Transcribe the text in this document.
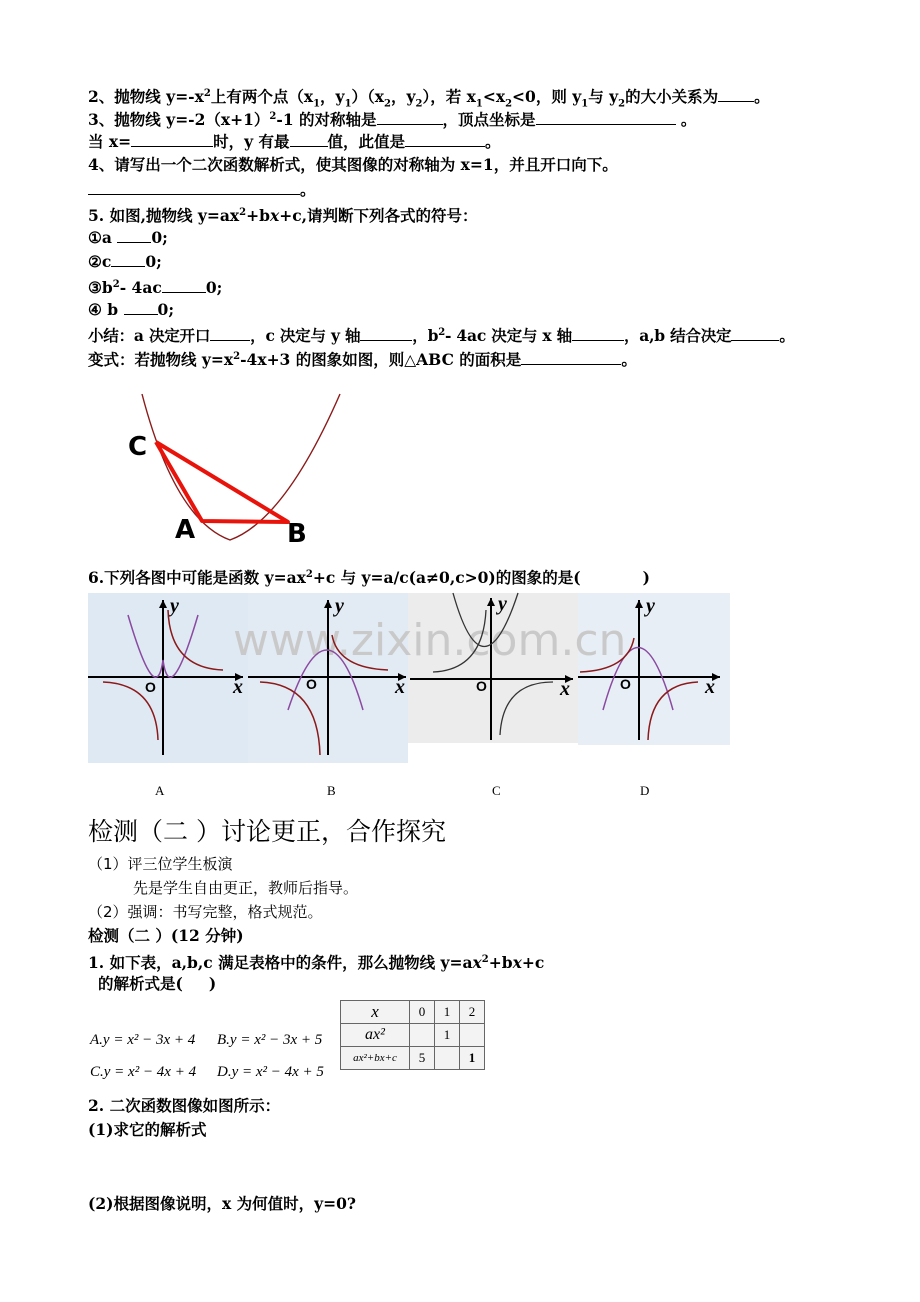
2、抛物线 $y=-x^2$上有两个点（$x_1$，$y_1)(x_2$，$y_2$），若 $x_1<x_2<0$，则 $y_1$与 $y_2$的大小关系为 。
3、抛物线 $y=-2(x+1)^2-1$ 的对称轴是	，顶点坐标是	。
当 x=	时，y 有最 值，此值是	。
4、请写出一个二次函数解析式，使其图像的对称轴为 x=1，并且开口向下。
。
5. 如图,抛物线 $y=ax^2+bx+c$,请判断下列各式的符号：
①a	0;
②c 0;
$③b^2-$ 4ac	0;
④ b	0;
小结：a 决定开口	，c 决定与 y 轴	，$b^2-$ 4ac 决定与 x 轴	，a,b 结合决定	。
变式：若抛物线 $y=x^2-4x+3$ 的图象如图，则△ABC 的面积是	。
C
A	B
6.下列各图中可能是函数 $y=ax^2+c$ 与 y=a/c(a≠0,c>0)的图象的是(	)
www.zixin.com.cn
y
x
O
y
x
O
y
x
O
y
x
O
A	B	C	D
检测（二 ）讨论更正，合作探究
（1）评三位学生板演
先是学生自由更正，教师后指导。
（2）强调：书写完整，格式规范。
检测（二 ）(12 分钟)
1. 如下表，a,b,c 满足表格中的条件，那么抛物线 $y=ax^2+bx+c$
的解析式是( )
A.y = x² − 3x + 4 B.y = x² − 3x + 5
C.y = x² − 4x + 4 D.y = x² − 4x + 5
x	0	1	2
ax²		1	
ax²+bx+c	5		1
2. 二次函数图像如图所示：
(1)求它的解析式
(2)根据图像说明，x 为何值时，y=0?
